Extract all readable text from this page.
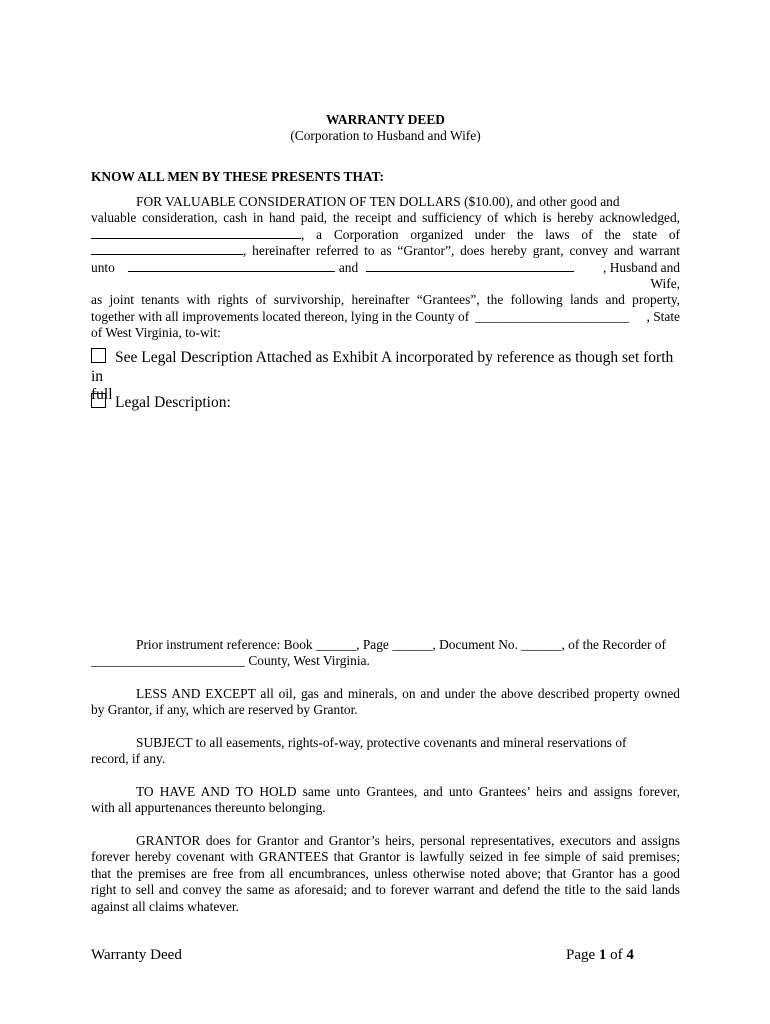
WARRANTY DEED
(Corporation to Husband and Wife)
KNOW ALL MEN BY THESE PRESENTS THAT:
FOR VALUABLE CONSIDERATION OF TEN DOLLARS ($10.00), and other good and
valuable consideration, cash in hand paid, the receipt and sufficiency of which is hereby acknowledged,
, a Corporation organized under the laws of the state of
, hereinafter referred to as “Grantor”, does hereby grant, convey and warrant
unto	and	, Husband and Wife,
as joint tenants with rights of survivorship, hereinafter “Grantees”, the following lands and property,
together with all improvements located thereon, lying in the County of _______________________	, State
of West Virginia, to-wit:
See Legal Description Attached as Exhibit A incorporated by reference as though set forth in
full Legal Description:
Prior instrument reference: Book ______, Page ______, Document No. ______, of the Recorder of
_______________________ County, West Virginia.
LESS AND EXCEPT all oil, gas and minerals, on and under the above described property owned
by Grantor, if any, which are reserved by Grantor.
SUBJECT to all easements, rights-of-way, protective covenants and mineral reservations of
record, if any.
TO HAVE AND TO HOLD same unto Grantees, and unto Grantees’ heirs and assigns forever,
with all appurtenances thereunto belonging.
GRANTOR does for Grantor and Grantor’s heirs, personal representatives, executors and assigns
forever hereby covenant with GRANTEES that Grantor is lawfully seized in fee simple of said premises;
that the premises are free from all encumbrances, unless otherwise noted above; that Grantor has a good
right to sell and convey the same as aforesaid; and to forever warrant and defend the title to the said lands
against all claims whatever.
Warranty Deed	Page 1 of 4
